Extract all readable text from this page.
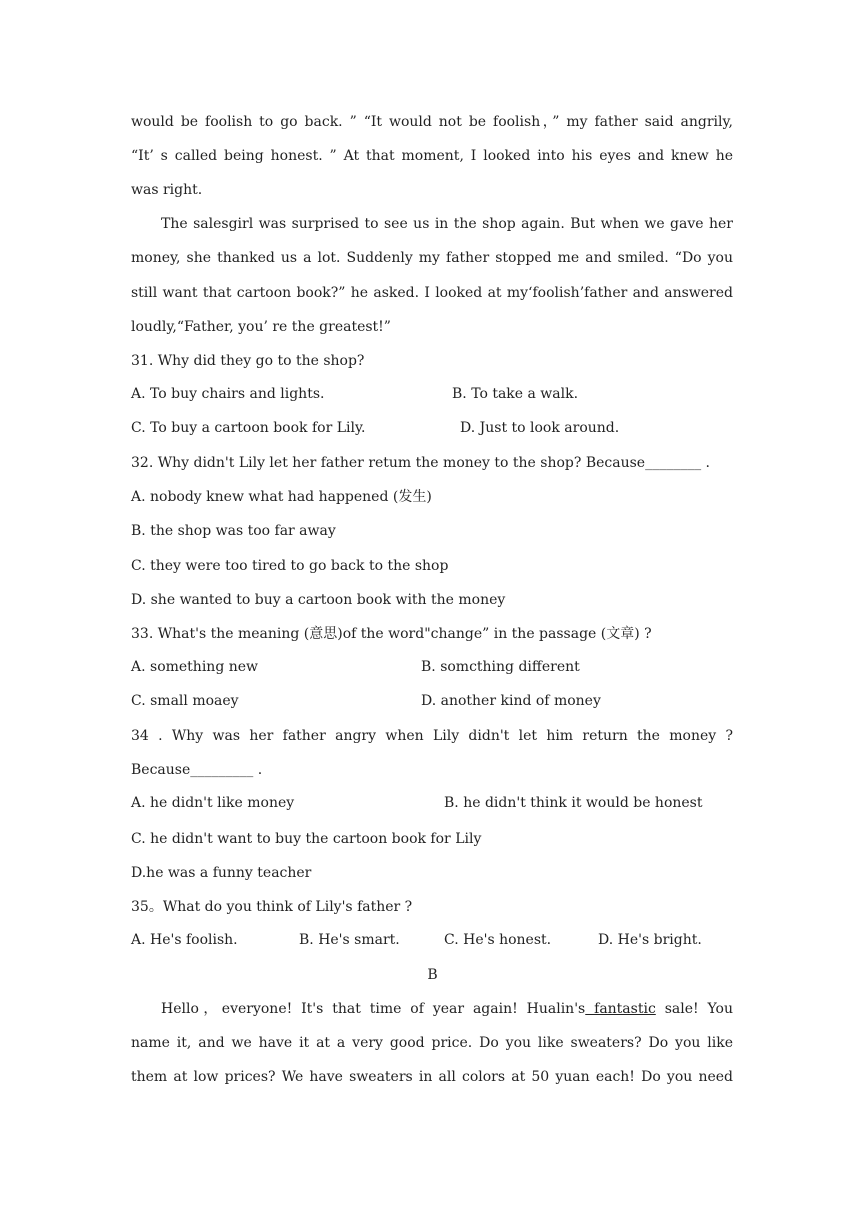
would be foolish to go back. ” “It would not be foolish，” my father said angrily,
“It’ s called being honest. ” At that moment, I looked into his eyes and knew he
was right.
The salesgirl was surprised to see us in the shop again. But when we gave her
money, she thanked us a lot. Suddenly my father stopped me and smiled. “Do you
still want that cartoon book?” he asked. I looked at my‘foolish’father and answered
loudly,“Father, you’ re the greatest!”
31. Why did they go to the shop?
A. To buy chairs and lights.	B. To take a walk.
C. To buy a cartoon book for Lily.	D. Just to look around.
32. Why didn't Lily let her father retum the money to the shop? Because________ .
A. nobody knew what had happened (发生)
B. the shop was too far away
C. they were too tired to go back to the shop
D. she wanted to buy a cartoon book with the money
33. What's the meaning (意思)of the word"change” in the passage (文章) ?
A. something new	B. somcthing different
C. small moaey	D. another kind of money
34 . Why was her father angry when Lily didn't let him return the money ?
Because_________ .
A. he didn't like money	B. he didn't think it would be honest
C. he didn't want to buy the cartoon book for Lily
D.he was a funny teacher
35。What do you think of Lily's father ?
A. He's foolish.	B. He's smart.	C. He's honest.	D. He's bright.
B
Hello，everyone! It's that time of year again! Hualin's fantastic sale! You
name it, and we have it at a very good price. Do you like sweaters? Do you like
them at low prices? We have sweaters in all colors at 50 yuan each! Do you need
